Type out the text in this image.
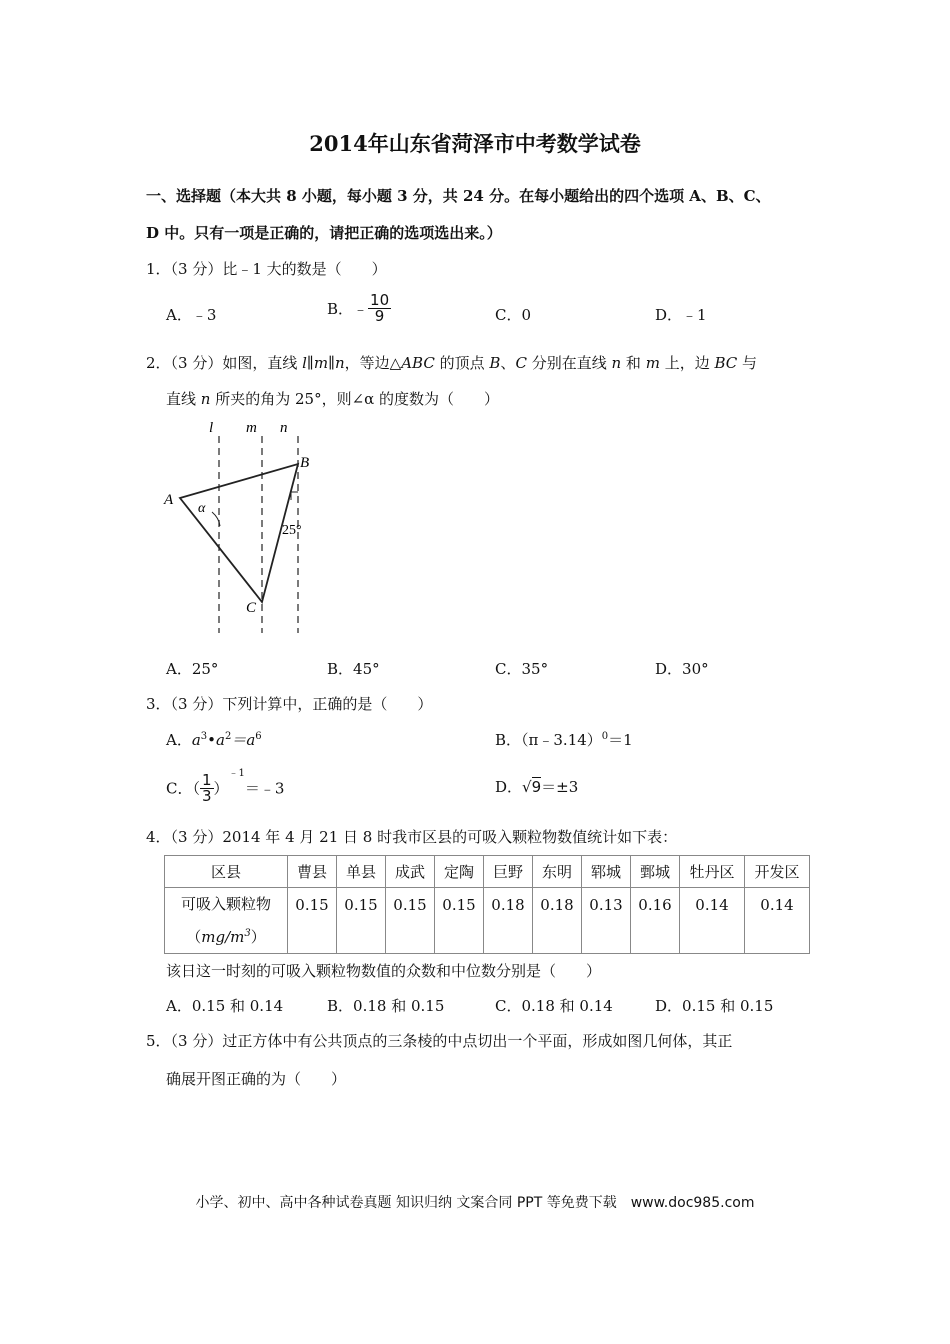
2014年山东省菏泽市中考数学试卷
一、选择题（本大共 8 小题，每小题 3 分，共 24 分。在每小题给出的四个选项 A、B、C、
D 中。只有一项是正确的，请把正确的选项选出来。）
1．（3 分）比﹣1 大的数是（　　）
A．﹣3	B．﹣ $\frac{10}{9}$	C．0	D．﹣1
2．（3 分）如图，直线 l∥m∥n，等边△ABC 的顶点 B、C 分别在直线 n 和 m 上，边 BC 与
直线 n 所夹的角为 25°，则∠α 的度数为（　　）
l m n
B
A
α
25°
C
A．25°	B．45°	C．35°	D．30°
3．（3 分）下列计算中，正确的是（　　）
A．$a^3•a^2=a^6$	B．（π﹣3.14）$^0$＝1
C．（ $\frac{1}{3}$ ）$^{﹣1}$＝﹣3	D．√9＝±3
4．（3 分）2014 年 4 月 21 日 8 时我市区县的可吸入颗粒物数值统计如下表：
区县	曹县	单县	成武	定陶	巨野	东明	郓城	鄄城	牡丹区	开发区

可吸入颗粒物
$(mg/m^3)$	0.15	0.15	0.15	0.15	0.18	0.18	0.13	0.16	0.14	0.14
该日这一时刻的可吸入颗粒物数值的众数和中位数分别是（　　）
A．0.15 和 0.14	B．0.18 和 0.15	C．0.18 和 0.14	D．0.15 和 0.15
5．（3 分）过正方体中有公共顶点的三条棱的中点切出一个平面，形成如图几何体，其正
确展开图正确的为（　　）
小学、初中、高中各种试卷真题 知识归纳 文案合同 PPT 等免费下载　www.doc985.com
